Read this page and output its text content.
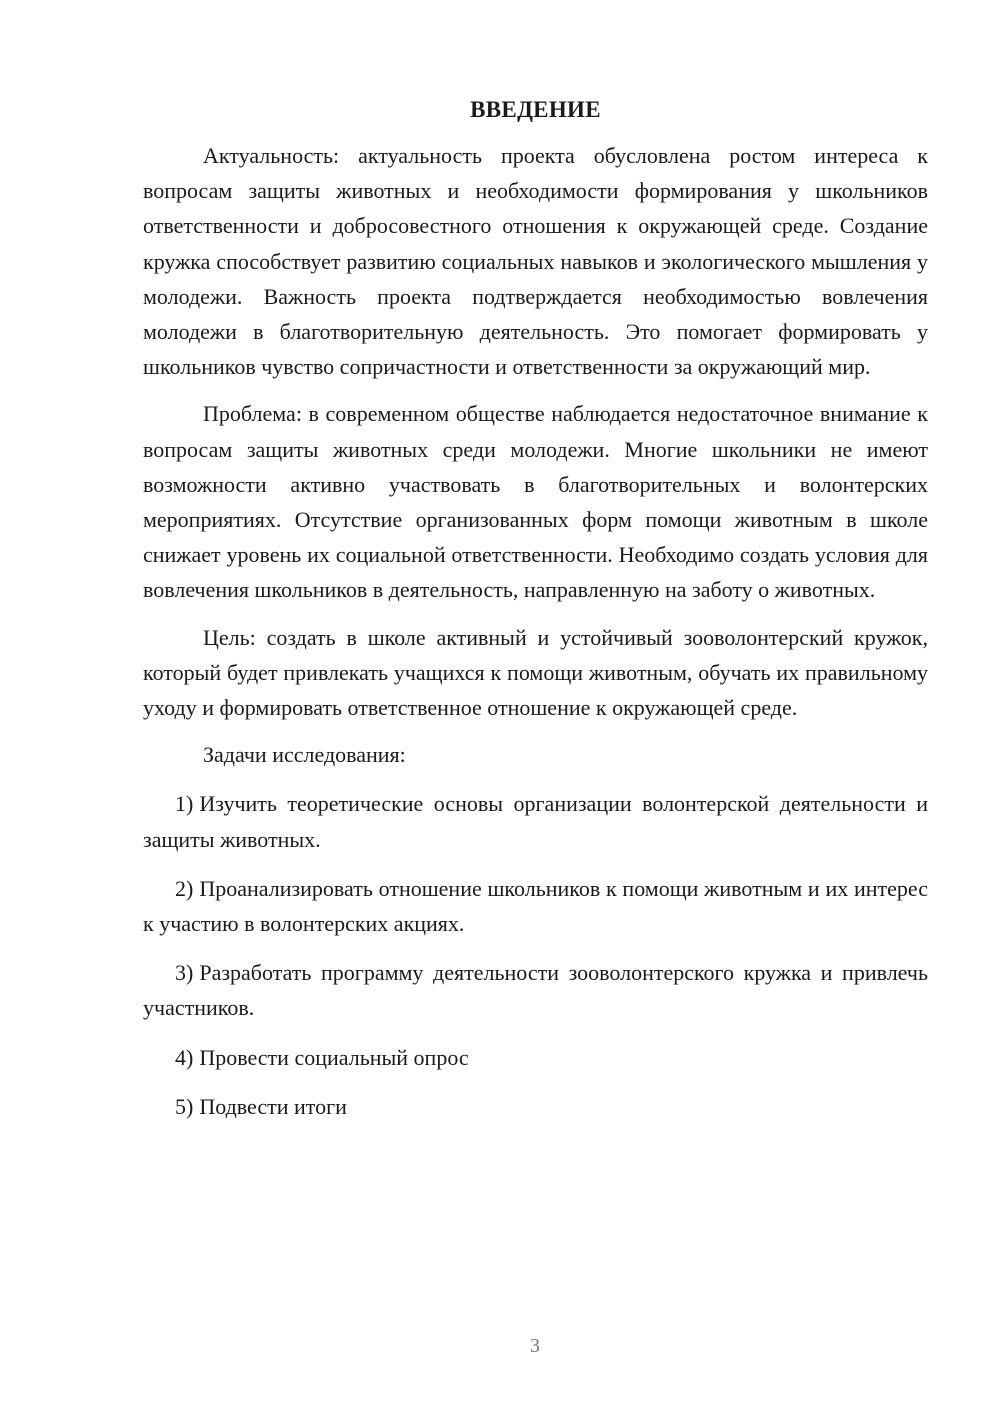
ВВЕДЕНИЕ

Актуальность: актуальность проекта обусловлена ростом интереса к вопросам защиты животных и необходимости формирования у школьников ответственности и добросовестного отношения к окружающей среде. Создание кружка способствует развитию социальных навыков и экологического мышления у молодежи. Важность проекта подтверждается необходимостью вовлечения молодежи в благотворительную деятельность. Это помогает формировать у школьников чувство сопричастности и ответственности за окружающий мир.

Проблема: в современном обществе наблюдается недостаточное внимание к вопросам защиты животных среди молодежи. Многие школьники не имеют возможности активно участвовать в благотворительных и волонтерских мероприятиях. Отсутствие организованных форм помощи животным в школе снижает уровень их социальной ответственности. Необходимо создать условия для вовлечения школьников в деятельность, направленную на заботу о животных.

Цель: создать в школе активный и устойчивый зооволонтерский кружок, который будет привлекать учащихся к помощи животным, обучать их правильному уходу и формировать ответственное отношение к окружающей среде.

Задачи исследования:

1) Изучить теоретические основы организации волонтерской деятельности и защиты животных.

2) Проанализировать отношение школьников к помощи животным и их интерес к участию в волонтерских акциях.

3) Разработать программу деятельности зооволонтерского кружка и привлечь участников.

4) Провести социальный опрос

5) Подвести итоги

3
